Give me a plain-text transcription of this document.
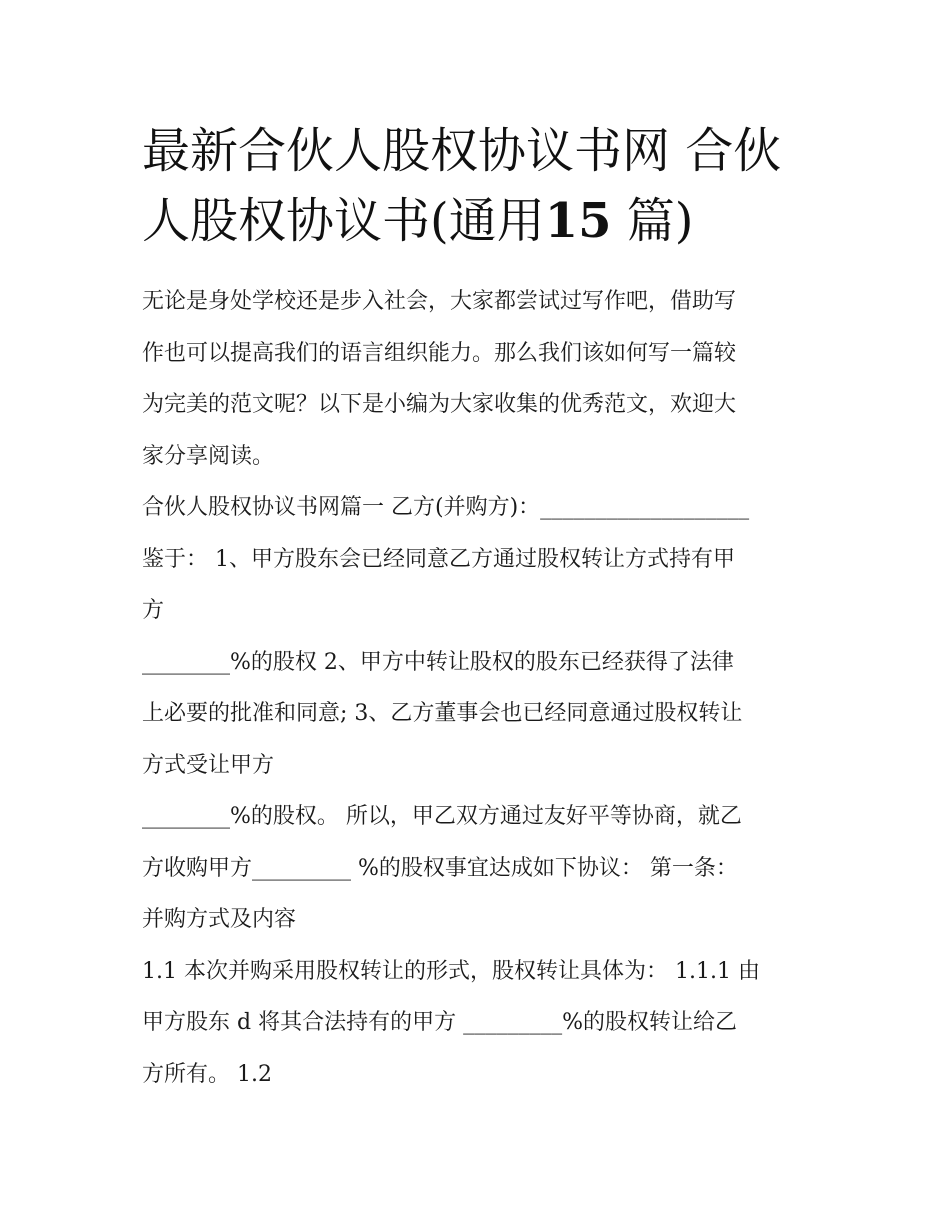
最新合伙人股权协议书网 合伙
人股权协议书(通用15 篇)
无论是身处学校还是步入社会，大家都尝试过写作吧，借助写
作也可以提高我们的语言组织能力。那么我们该如何写一篇较
为完美的范文呢？以下是小编为大家收集的优秀范文，欢迎大
家分享阅读。
合伙人股权协议书网篇一 乙方(并购方)：___________________
鉴于： 1、甲方股东会已经同意乙方通过股权转让方式持有甲
方
________%的股权 2、甲方中转让股权的股东已经获得了法律
上必要的批准和同意; 3、乙方董事会也已经同意通过股权转让
方式受让甲方
________%的股权。 所以，甲乙双方通过友好平等协商，就乙
方收购甲方_________ %的股权事宜达成如下协议： 第一条：
并购方式及内容
1.1 本次并购采用股权转让的形式，股权转让具体为： 1.1.1 由
甲方股东 d 将其合法持有的甲方 _________%的股权转让给乙
方所有。 1.2
